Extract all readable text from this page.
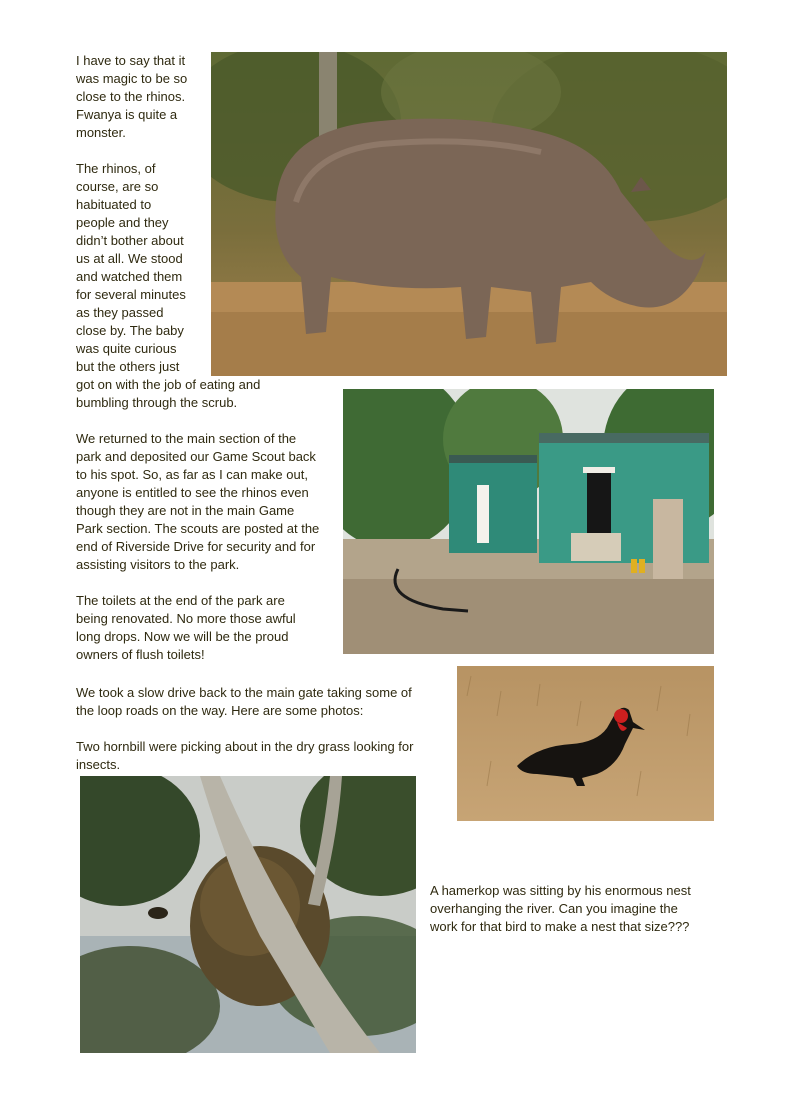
I have to say that it
was magic to be so
close to the rhinos.
Fwanya is quite a
monster.
The rhinos, of
course, are so
habituated to
people and they
didn’t bother about
us at all. We stood
and watched them
for several minutes
as they passed
close by. The baby
was quite curious
but the others just
got on with the job of eating and
bumbling through the scrub.
We returned to the main section of the
park and deposited our Game Scout back
to his spot. So, as far as I can make out,
anyone is entitled to see the rhinos even
though they are not in the main Game
Park section. The scouts are posted at the
end of Riverside Drive for security and for
assisting visitors to the park.
The toilets at the end of the park are
being renovated. No more those awful
long drops. Now we will be the proud
owners of flush toilets!
We took a slow drive back to the main gate taking some of
the loop roads on the way. Here are some photos:
Two hornbill were picking about in the dry grass looking for
insects.
A hamerkop was sitting by his enormous nest
overhanging the river. Can you imagine the
work for that bird to make a nest that size???
